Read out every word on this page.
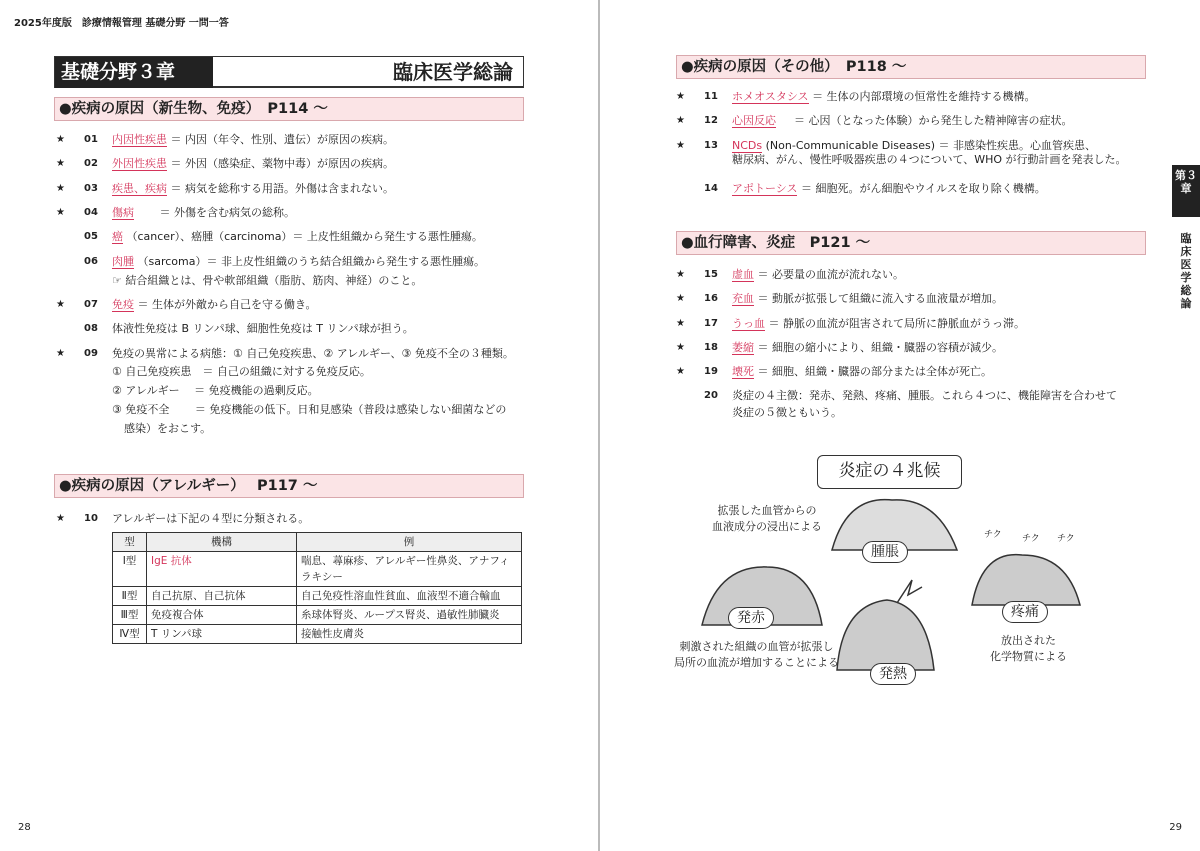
2025年度版　診療情報管理 基礎分野 一問一答
基礎分野３章	臨床医学総論
●疾病の原因（新生物、免疫）　P114 ～
★ 01 内因性疾患 ＝ 内因（年令、性別、遺伝）が原因の疾病。
★ 02 外因性疾患 ＝ 外因（感染症、薬物中毒）が原因の疾病。
★ 03 疾患、疾病 ＝ 病気を総称する用語。外傷は含まれない。
★ 04 傷病 　　＝ 外傷を含む病気の総称。
05 癌 （cancer）、癌腫（carcinoma）＝ 上皮性組織から発生する悪性腫瘍。
06 肉腫 （sarcoma）＝ 非上皮性組織のうち結合組織から発生する悪性腫瘍。
★ 07 免疫 ＝ 生体が外敵から自己を守る働き。
08 体液性免疫は B リンパ球、細胞性免疫は T リンパ球が担う。
★ 09 免疫の異常による病態：① 自己免疫疾患、② アレルギー、③ 免疫不全の３種類。
★ 10 アレルギーは下記の４型に分類される。
☞ 結合組織とは、骨や軟部組織（脂肪、筋肉、神経）のこと。
① 自己免疫疾患　＝ 自己の組織に対する免疫反応。
② アレルギー　 ＝ 免疫機能の過剰反応。
③ 免疫不全　　 ＝ 免疫機能の低下。日和見感染（普段は感染しない細菌などの
感染）をおこす。
●疾病の原因（アレルギー）　 P117 ～
型	機構	例
Ⅰ型	IgE 抗体	喘息、蕁麻疹、アレルギー性鼻炎、アナフィラキシー
Ⅱ型	自己抗原、自己抗体	自己免疫性溶血性貧血、血液型不適合輸血
Ⅲ型	免疫複合体	糸球体腎炎、ループス腎炎、過敏性肺臓炎
Ⅳ型	T リンパ球	接触性皮膚炎
28
●疾病の原因（その他）　P118 ～
★ 11 ホメオスタシス ＝ 生体の内部環境の恒常性を維持する機構。
★ 12 心因反応 　 ＝ 心因（となった体験）から発生した精神障害の症状。
★ 13 NCDs (Non-Communicable Diseases) ＝ 非感染性疾患。心血管疾患、
14 アポトーシス ＝ 細胞死。がん細胞やウイルスを取り除く機構。
★ 15 虚血 ＝ 必要量の血流が流れない。
★ 16 充血 ＝ 動脈が拡張して組織に流入する血液量が増加。
★ 17 うっ血 ＝ 静脈の血流が阻害されて局所に静脈血がうっ滞。
★ 18 萎縮 ＝ 細胞の縮小により、組織・臓器の容積が減少。
★ 19 壊死 ＝ 細胞、組織・臓器の部分または全体が死亡。
20 炎症の４主徴：発赤、発熱、疼痛、腫脹。これら４つに、機能障害を合わせて
糖尿病、がん、慢性呼吸器疾患の４つについて、WHO が行動計画を発表した。
●血行障害、炎症　P121 ～
炎症の５徴ともいう。
29
第３章
臨床医学総論
炎症の４兆候
拡張した血管からの
血液成分の浸出による
刺激された組織の血管が拡張し
局所の血流が増加することによる
放出された
化学物質による
腫脹
発赤	疼痛
発熱
チク チク チク
